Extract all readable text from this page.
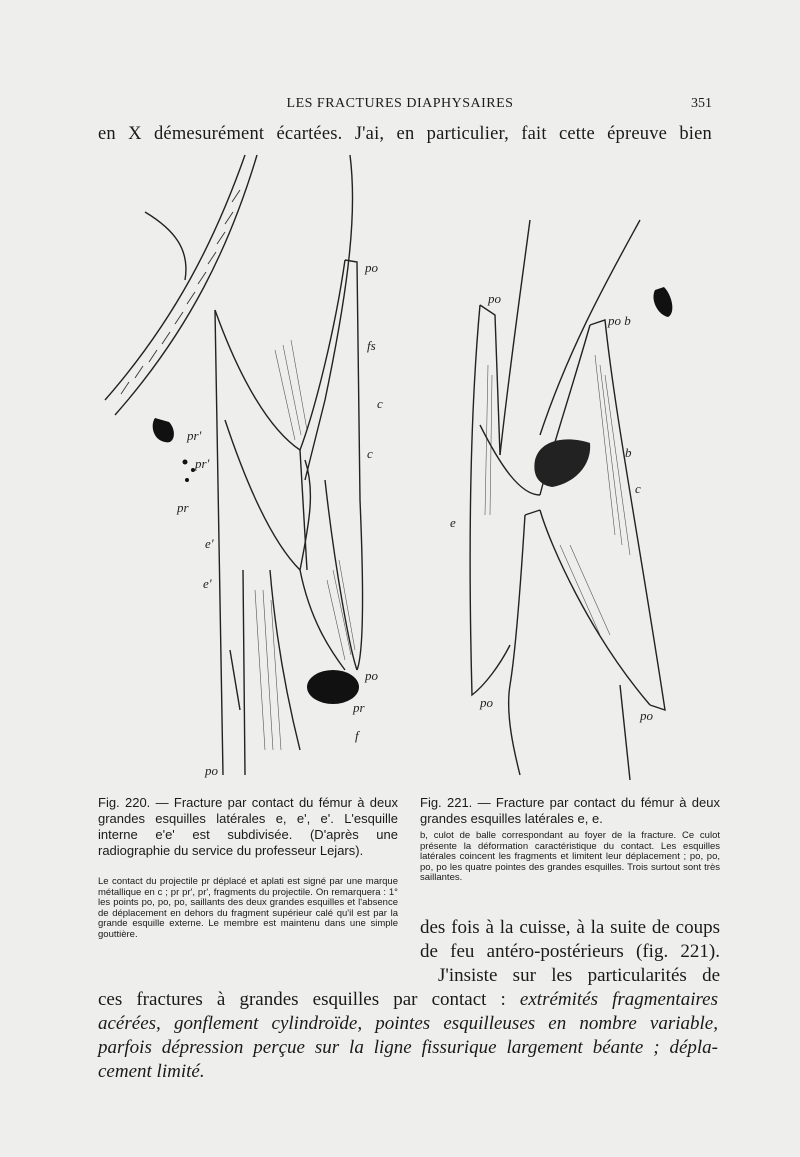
LES FRACTURES DIAPHYSAIRES	351
en X démesurément écartées. J'ai, en particulier, fait cette épreuve bien
po
fs
c
c
pr'
pr'
pr
e'
e'
po
pr
f
po
po
po b
b
c
e
po
po
Fig. 220. — Fracture par contact du fémur à deux grandes esquilles latérales e, e', e'. L'esquille interne e'e' est subdivisée. (D'après une radiographie du service du professeur Lejars).
Le contact du projectile pr déplacé et aplati est signé par une marque métallique en c ; pr pr', pr', fragments du projectile. On remarquera : 1° les points po, po, po, saillants des deux grandes esquilles et l'absence de déplacement en dehors du fragment supérieur calé qu'il est par la grande esquille externe. Le membre est maintenu dans une simple gouttière.
Fig. 221. — Fracture par contact du fémur à deux grandes esquilles latérales e, e.
b, culot de balle correspondant au foyer de la fracture. Ce culot présente la déformation caractéristique du contact. Les esquilles latérales coincent les fragments et limitent leur déplacement ; po, po, po, po les quatre pointes des grandes esquilles. Trois surtout sont très saillantes.
des fois à la cuisse, à la suite de coups
de feu antéro-postérieurs (fig. 221).
J'insiste sur les particularités de
ces fractures à grandes esquilles par contact : extrémités fragmentaires
acérées, gonflement cylindroïde, pointes esquilleuses en nombre variable,
parfois dépression perçue sur la ligne fissurique largement béante ; dépla-
cement limité.
